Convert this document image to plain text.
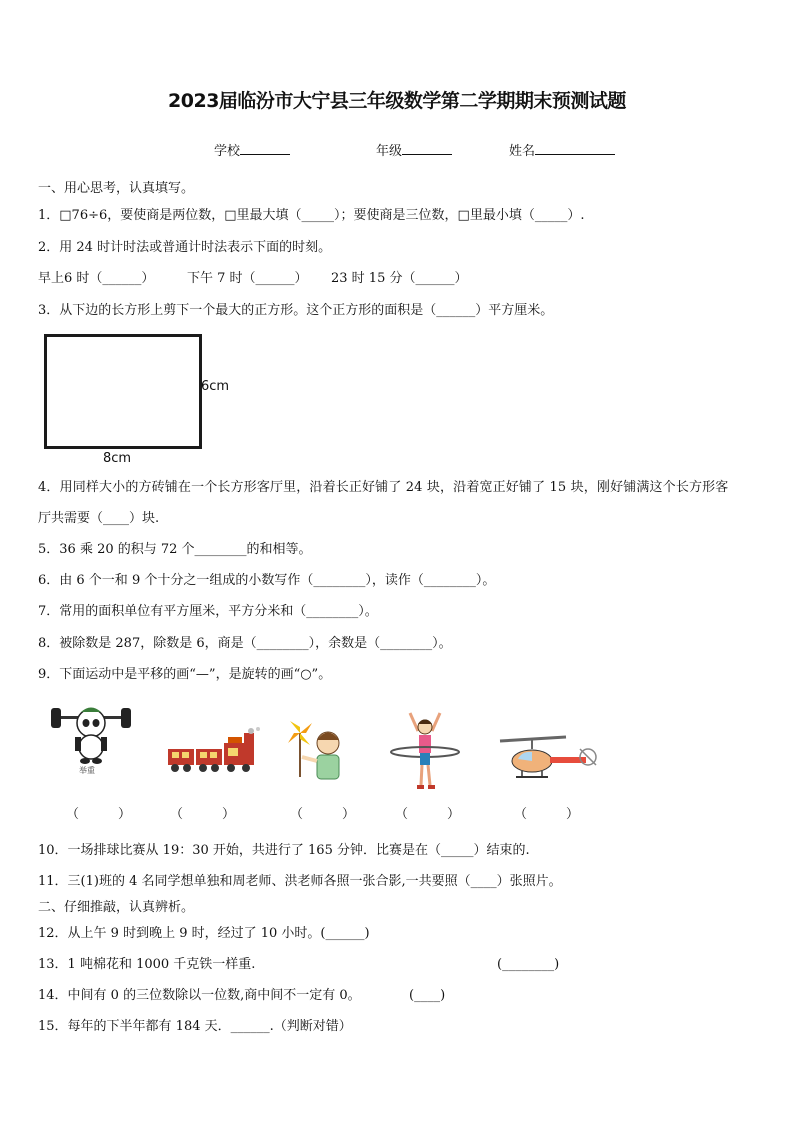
2023届临汾市大宁县三年级数学第二学期期末预测试题
学校	年级	姓名
一、用心思考，认真填写。
1．□76÷6，要使商是两位数，□里最大填（_____）；要使商是三位数，□里最小填（_____）.
2．用 24 时计时法或普通计时法表示下面的时刻。
早上6 时（______）	下午 7 时（______） 23 时 15 分（______）
3．从下边的长方形上剪下一个最大的正方形。这个正方形的面积是（______）平方厘米。
6cm
8cm
4．用同样大小的方砖铺在一个长方形客厅里，沿着长正好铺了 24 块，沿着宽正好铺了 15 块，刚好铺满这个长方形客
厅共需要（____）块.
5．36 乘 20 的积与 72 个________的和相等。
6．由 6 个一和 9 个十分之一组成的小数写作（________），读作（________）。
7．常用的面积单位有平方厘米，平方分米和（________）。
8．被除数是 287，除数是 6，商是（________），余数是（________）。
9．下面运动中是平移的画“—”，是旋转的画“○”。
举重
（　　　）	（　　　）	（　　　）	（　　　）	（　　　）
10．一场排球比赛从 19：30 开始，共进行了 165 分钟．比赛是在（_____）结束的.
11．三(1)班的 4 名同学想单独和周老师、洪老师各照一张合影,一共要照（____）张照片。
二、仔细推敲，认真辨析。
12．从上午 9 时到晚上 9 时，经过了 10 小时。(______)
13．1 吨棉花和 1000 千克铁一样重.	(________)
14．中间有 0 的三位数除以一位数,商中间不一定有 0。	(____)
15．每年的下半年都有 184 天．______.（判断对错）
